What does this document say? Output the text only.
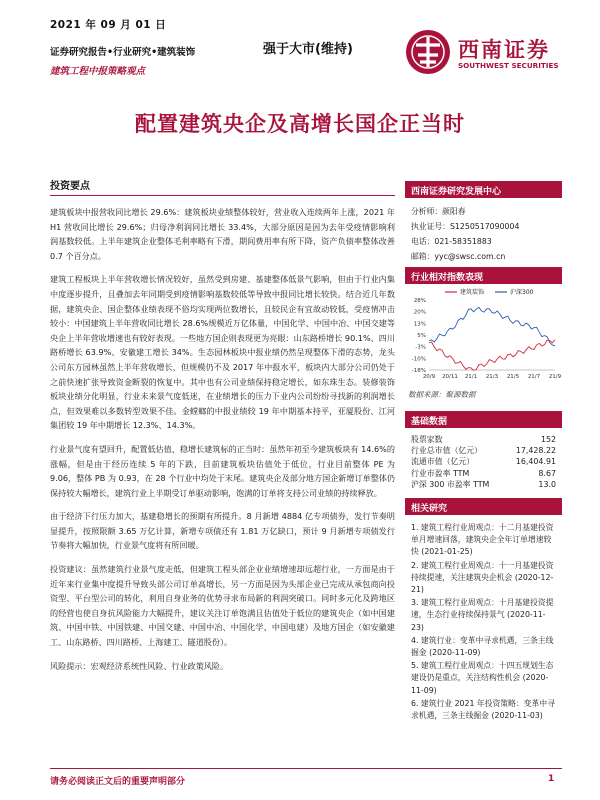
2021 年 09 月 01 日
证券研究报告•行业研究•建筑装饰
建筑工程中报策略观点
强于大市(维持)	西南证券
SOUTHWEST SECURITIES
配置建筑央企及高增长国企正当时
投资要点
建筑板块中报营收同比增长 29.6%：建筑板块业绩整体较好，营业收入连续两年上涨，2021 年 H1 营收同比增长 29.6%；归母净利润同比增长 33.4%，大部分原因是因为去年受疫情影响利润基数较低。上半年建筑企业整体毛利率略有下滑，期间费用率有所下降，资产负债率整体改善 0.7 个百分点。
建筑工程板块上半年营收增长情况较好，虽然受到房建、基建整体低景气影响，但由于行业内集中度逐步提升，且叠加去年同期受到疫情影响基数较低等导致中报同比增长较快。结合近几年数据，建筑央企、国企整体业绩表现不俗均实现两位数增长，且较民企有宜故动较低，受疫情冲击较小：中国建筑上半年营收同比增长 28.6%规模近万亿体量，中国化学、中国中冶、中国交建等央企上半年营收增速也有较好表现。一些地方国企则表现更为亮眼：山东路桥增长 90.1%、四川路桥增长 63.9%、安徽建工增长 34%。生态园林板块中报业绩仍然呈现整体下滑的态势，龙头公司东方园林虽然上半年营收增长，但规模仍不及 2017 年中报水平，板块内大部分公司仍处于之前快速扩张导致资金断裂的恢复中。其中也有公司业绩保持稳定增长，如东珠生态。装修装饰板块业绩分化明显，行业未来景气度低迷，在业绩增长的压力下业内公司纷纷寻找新的利润增长点，但效果难以多数转型效果不佳。金螳螂的中报业绩较 19 年中期基本持平，亚厦股份、江河集团较 19 年中期增长 12.3%、14.3%。
行业景气度有望回升，配置低估值、稳增长建筑标的正当时：虽然年初至今建筑板块有 14.6%的涨幅，但是由于经历连续 5 年的下跌，目前建筑板块估值处于低位，行业目前整体 PE 为 9.06，整体 PB 为 0.93，在 28 个行业中均处于末尾。建筑央企及部分地方国企新增订单整体仍保持较大幅增长，建筑行业上半期受订单驱动影响，饱满的订单将支持公司业绩的持续释放。
由于经济下行压力加大，基建稳增长的预期有所提升。8 月新增 4884 亿专项债券，发行节奏明显提升，按照限额 3.65 万亿计算，新增专项债还有 1.81 万亿缺口，预计 9 月新增专项债发行节奏将大幅加快，行业景气度将有所回暖。
投资建议：虽然建筑行业景气度走低，但建筑工程头部企业业绩增速却远超行业，一方面是由于近年来行业集中度提升导致头部公司订单高增长，另一方面是因为头部企业已完成从承包商向投资型、平台型公司的转化，利用自身业务的优势寻求布局新的利润突破口。同时多元化及跨地区的经营也使自身抗风险能力大幅提升，建议关注订单饱满且估值处于低位的建筑央企（如中国建筑、中国中铁、中国铁建、中国交建、中国中冶、中国化学、中国电建）及地方国企（如安徽建工、山东路桥、四川路桥、上海建工、隧道股份）。
风险提示：宏观经济系统性风险、行业政策风险。
西南证券研究发展中心
分析师：颜阳春
执业证号：S1250517090004
电话：021-58351883
邮箱：yyc@swsc.com.cn
行业相对指数表现
28%
20%
13%
5%
-3%
-10%
-18%
20/9 20/11 21/1 21/3 21/5 21/7 21/9
建筑装饰	沪深300
数据来源：聚源数据
基础数据
股票家数	152
行业总市值（亿元）	17,428.22
流通市值（亿元）	16,404.91
行业市盈率 TTM	8.67
沪深 300 市盈率 TTM	13.0
相关研究
1. 建筑工程行业周观点：十二月基建投资单月增速回落，建筑央企全年订单增速较快 (2021-01-25)
2. 建筑工程行业周观点：十一月基建投资持续提速，关注建筑央企机会 (2020-12-21)
3. 建筑工程行业周观点：十月基建投资提速，生态行业持续保持景气 (2020-11-23)
4. 建筑行业：变革中寻求机遇，三条主线掘金 (2020-11-09)
5. 建筑工程行业周观点：十四五规划生态建设仍是重点，关注结构性机会 (2020-11-09)
6. 建筑行业 2021 年投资策略：变革中寻求机遇，三条主线掘金 (2020-11-03)
请务必阅读正文后的重要声明部分	1
